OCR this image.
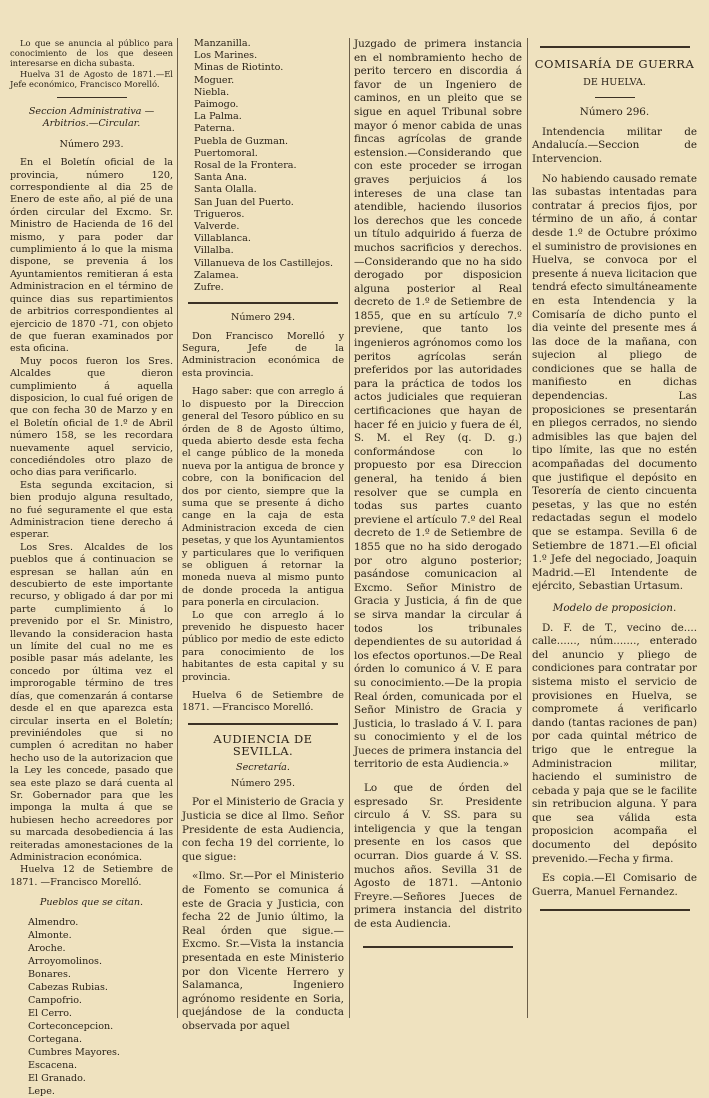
Lo que se anuncia al público para conocimiento de los que deseen interesarse en dicha subasta.

Huelva 31 de Agosto de 1871.—El Jefe económico, Francisco Morelló.

Seccion Administrativa —Arbitrios.—Circular.

Número 293.

En el Boletín oficial de la provincia, número 120, correspondiente al dia 25 de Enero de este año, al pié de una órden circular del Excmo. Sr. Ministro de Hacienda de 16 del mismo, y para poder dar cumplimiento á lo que la misma dispone, se prevenia á los Ayuntamientos remitieran á esta Administracion en el término de quince dias sus repartimientos de arbitrios correspondientes al ejercicio de 1870 -71, con objeto de que fueran examinados por esta oficina.

Muy pocos fueron los Sres. Alcaldes que dieron cumplimiento á aquella disposicion, lo cual fué origen de que con fecha 30 de Marzo y en el Boletín oficial de 1.º de Abril número 158, se les recordara nuevamente aquel servicio, concediéndoles otro plazo de ocho dias para verificarlo.

Esta segunda excitacion, si bien produjo alguna resultado, no fué seguramente el que esta Administracion tiene derecho á esperar.

Los Sres. Alcaldes de los pueblos que á continuacion se espresan se hallan aún en descubierto de este importante recurso, y obligado á dar por mi parte cumplimiento á lo prevenido por el Sr. Ministro, llevando la consideracion hasta un límite del cual no me es posible pasar más adelante, les concedo por última vez el improrogable término de tres días, que comenzarán á contarse desde el en que aparezca esta circular inserta en el Boletín; previniéndoles que si no cumplen ó acreditan no haber hecho uso de la autorizacion que la Ley les concede, pasado que sea este plazo se dará cuenta al Sr. Gobernador para que les imponga la multa á que se hubiesen hecho acreedores por su marcada desobediencia á las reiteradas amonestaciones de la Administracion económica.

Huelva 12 de Setiembre de 1871. —Francisco Morelló.

Pueblos que se citan.

Almendro.
Almonte.
Aroche.
Arroyomolinos.
Bonares.
Cabezas Rubias.
Campofrio.
El Cerro.
Corteconcepcion.
Cortegana.
Cumbres Mayores.
Escacena.
El Granado.
Lepe.
Manzanilla.
Los Marines.
Minas de Riotinto.
Moguer.
Niebla.
Paimogo.
La Palma.
Paterna.
Puebla de Guzman.
Puertomoral.
Rosal de la Frontera.
Santa Ana.
Santa Olalla.
San Juan del Puerto.
Trigueros.
Valverde.
Villablanca.
Villalba.
Villanueva de los Castillejos.
Zalamea.
Zufre.

Número 294.

Don Francisco Morelló y Segura, Jefe de la Administracion económica de esta provincia.

Hago saber: que con arreglo á lo dispuesto por la Direccion general del Tesoro público en su órden de 8 de Agosto último, queda abierto desde esta fecha el cange público de la moneda nueva por la antigua de bronce y cobre, con la bonificacion del dos por ciento, siempre que la suma que se presente á dicho cange en la caja de esta Administracion exceda de cien pesetas, y que los Ayuntamientos y particulares que lo verifiquen se obliguen á retornar la moneda nueva al mismo punto de donde proceda la antigua para ponerla en circulacion.

Lo que con arreglo á lo prevenido he dispuesto hacer público por medio de este edicto para conocimiento de los habitantes de esta capital y su provincia.

Huelva 6 de Setiembre de 1871. —Francisco Morelló.

AUDIENCIA DE SEVILLA.

Secretaría.

Número 295.

Por el Ministerio de Gracia y Justicia se dice al Ilmo. Señor Presidente de esta Audiencia, con fecha 19 del corriente, lo que sigue:

«Ilmo. Sr.—Por el Ministerio de Fomento se comunica á este de Gracia y Justicia, con fecha 22 de Junio último, la Real órden que sigue.—Excmo. Sr.—Vista la instancia presentada en este Ministerio por don Vicente Herrero y Salamanca, Ingeniero agrónomo residente en Soria, quejándose de la conducta observada por aquel

Juzgado de primera instancia en el nombramiento hecho de perito tercero en discordia á favor de un Ingeniero de caminos, en un pleito que se sigue en aquel Tribunal sobre mayor ó menor cabida de unas fincas agrícolas de grande estension.—Considerando que con este proceder se irrogan graves perjuicios á los intereses de una clase tan atendible, haciendo ilusorios los derechos que les concede un título adquirido á fuerza de muchos sacrificios y derechos.—Considerando que no ha sido derogado por disposicion alguna posterior al Real decreto de 1.º de Setiembre de 1855, que en su artículo 7.º previene, que tanto los ingenieros agrónomos como los peritos agrícolas serán preferidos por las autoridades para la práctica de todos los actos judiciales que requieran certificaciones que hayan de hacer fé en juicio y fuera de él, S. M. el Rey (q. D. g.) conformándose con lo propuesto por esa Direccion general, ha tenido á bien resolver que se cumpla en todas sus partes cuanto previene el artículo 7.º del Real decreto de 1.º de Setiembre de 1855 que no ha sido derogado por otro alguno posterior; pasándose comunicacion al Excmo. Señor Ministro de Gracia y Justicia, á fin de que se sirva mandar la circular á todos los tribunales dependientes de su autoridad á los efectos oportunos.—De Real órden lo comunico á V. E para su conocimiento.—De la propia Real órden, comunicada por el Señor Ministro de Gracia y Justicia, lo traslado á V. I. para su conocimiento y el de los Jueces de primera instancia del territorio de esta Audiencia.»

Lo que de órden del espresado Sr. Presidente circulo á V. SS. para su inteligencia y que la tengan presente en los casos que ocurran. Dios guarde á V. SS. muchos años. Sevilla 31 de Agosto de 1871. —Antonio Freyre.—Señores Jueces de primera instancia del distrito de esta Audiencia.

COMISARÍA DE GUERRA

DE HUELVA.

Número 296.

Intendencia militar de Andalucía.—Seccion de Intervencion.

No habiendo causado remate las subastas intentadas para contratar á precios fijos, por término de un año, á contar desde 1.º de Octubre próximo el suministro de provisiones en Huelva, se convoca por el presente á nueva licitacion que tendrá efecto simultáneamente en esta Intendencia y la Comisaría de dicho punto el dia veinte del presente mes á las doce de la mañana, con sujecion al pliego de condiciones que se halla de manifiesto en dichas dependencias. Las proposiciones se presentarán en pliegos cerrados, no siendo admisibles las que bajen del tipo límite, las que no estén acompañadas del documento que justifique el depósito en Tesorería de ciento cincuenta pesetas, y las que no estén redactadas segun el modelo que se estampa. Sevilla 6 de Setiembre de 1871.—El oficial 1.º Jefe del negociado, Joaquin Madrid.—El Intendente de ejército, Sebastian Urtasum.

Modelo de proposicion.

D. F. de T., vecino de.... calle......, núm......., enterado del anuncio y pliego de condiciones para contratar por sistema misto el servicio de provisiones en Huelva, se compromete á verificarlo dando (tantas raciones de pan) por cada quintal métrico de trigo que le entregue la Administracion militar, haciendo el suministro de cebada y paja que se le facilite sin retribucion alguna. Y para que sea válida esta proposicion acompaña el documento del depósito prevenido.—Fecha y firma.

Es copia.—El Comisario de Guerra, Manuel Fernandez.
